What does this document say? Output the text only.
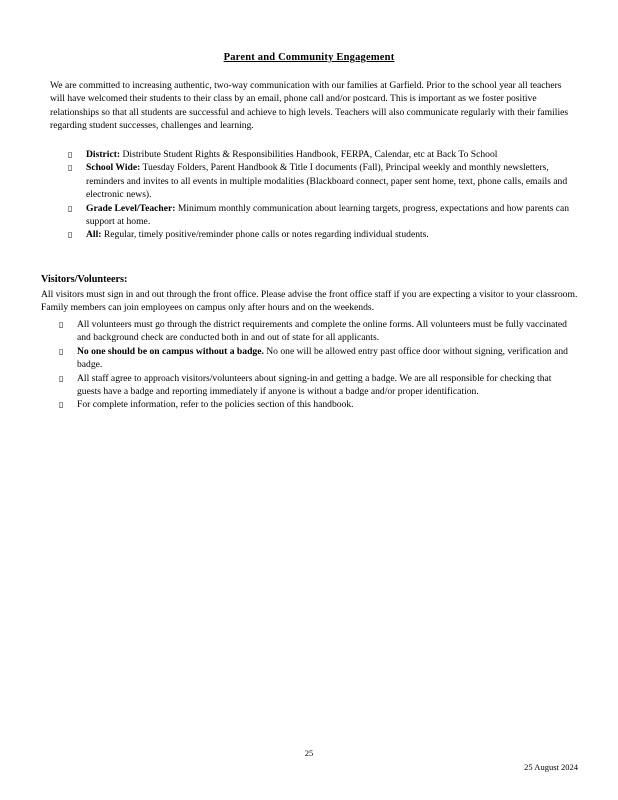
Parent and Community Engagement
We are committed to increasing authentic, two-way communication with our families at Garfield. Prior to the school year all teachers will have welcomed their students to their class by an email, phone call and/or postcard. This is important as we foster positive relationships so that all students are successful and achieve to high levels. Teachers will also communicate regularly with their families regarding student successes, challenges and learning.
▯ District: Distribute Student Rights & Responsibilities Handbook, FERPA, Calendar, etc at Back To School
▯ School Wide: Tuesday Folders, Parent Handbook & Title I documents (Fall), Principal weekly and monthly newsletters, reminders and invites to all events in multiple modalities (Blackboard connect, paper sent home, text, phone calls, emails and electronic news).
▯ Grade Level/Teacher: Minimum monthly communication about learning targets, progress, expectations and how parents can support at home.
▯ All: Regular, timely positive/reminder phone calls or notes regarding individual students.
Visitors/Volunteers:
All visitors must sign in and out through the front office. Please advise the front office staff if you are expecting a visitor to your classroom. Family members can join employees on campus only after hours and on the weekends.
▯ All volunteers must go through the district requirements and complete the online forms. All volunteers must be fully vaccinated and background check are conducted both in and out of state for all applicants.
▯ No one should be on campus without a badge. No one will be allowed entry past office door without signing, verification and badge.
▯ All staff agree to approach visitors/volunteers about signing-in and getting a badge. We are all responsible for checking that guests have a badge and reporting immediately if anyone is without a badge and/or proper identification.
▯ For complete information, refer to the policies section of this handbook.
25
25 August 2024
